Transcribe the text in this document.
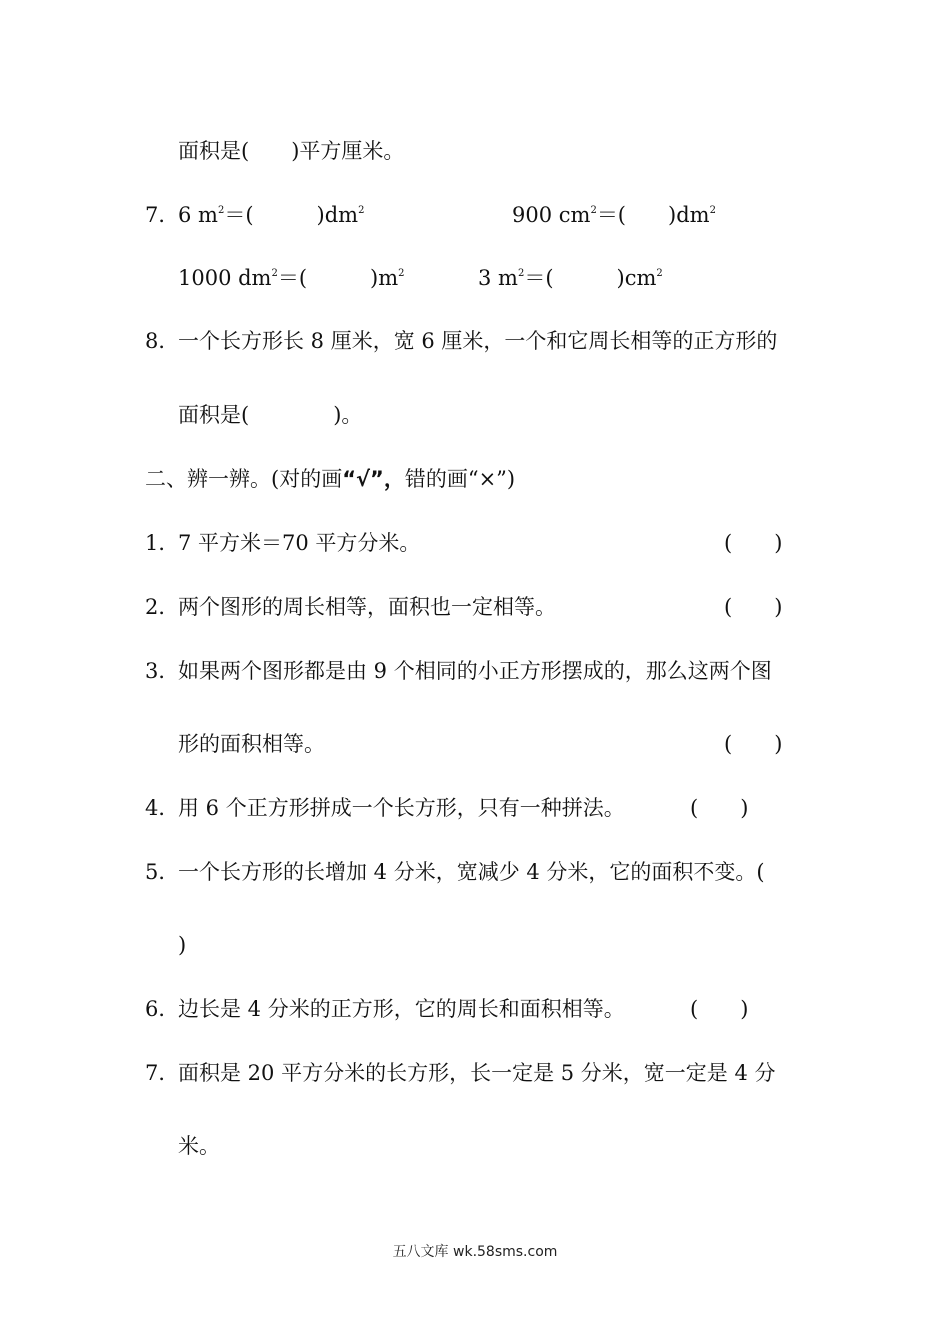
面积是(　　)平方厘米。
7．
6 $m^2=$(　　　)$dm^2$	900 $cm^2=$(　　)$dm^2$
1000 $dm^2=$(　　　)$m^2$	3 $m^2=$(　　　)$cm^2$
8．
一个长方形长 8 厘米，宽 6 厘米，一个和它周长相等的正方形的
面积是(　　　　)。
二、辨一辨。(对的画“√”，错的画“×”)
1．
7 平方米＝70 平方分米。	(　　)
2．
两个图形的周长相等，面积也一定相等。	(　　)
3．
如果两个图形都是由 9 个相同的小正方形摆成的，那么这两个图
形的面积相等。	(　　)
4．
用 6 个正方形拼成一个长方形，只有一种拼法。	(　　)
5．
一个长方形的长增加 4 分米，宽减少 4 分米，它的面积不变。(
)
6．
边长是 4 分米的正方形，它的周长和面积相等。	(　　)
7．
面积是 20 平方分米的长方形，长一定是 5 分米，宽一定是 4 分
米。
五八文库 wk.58sms.com
